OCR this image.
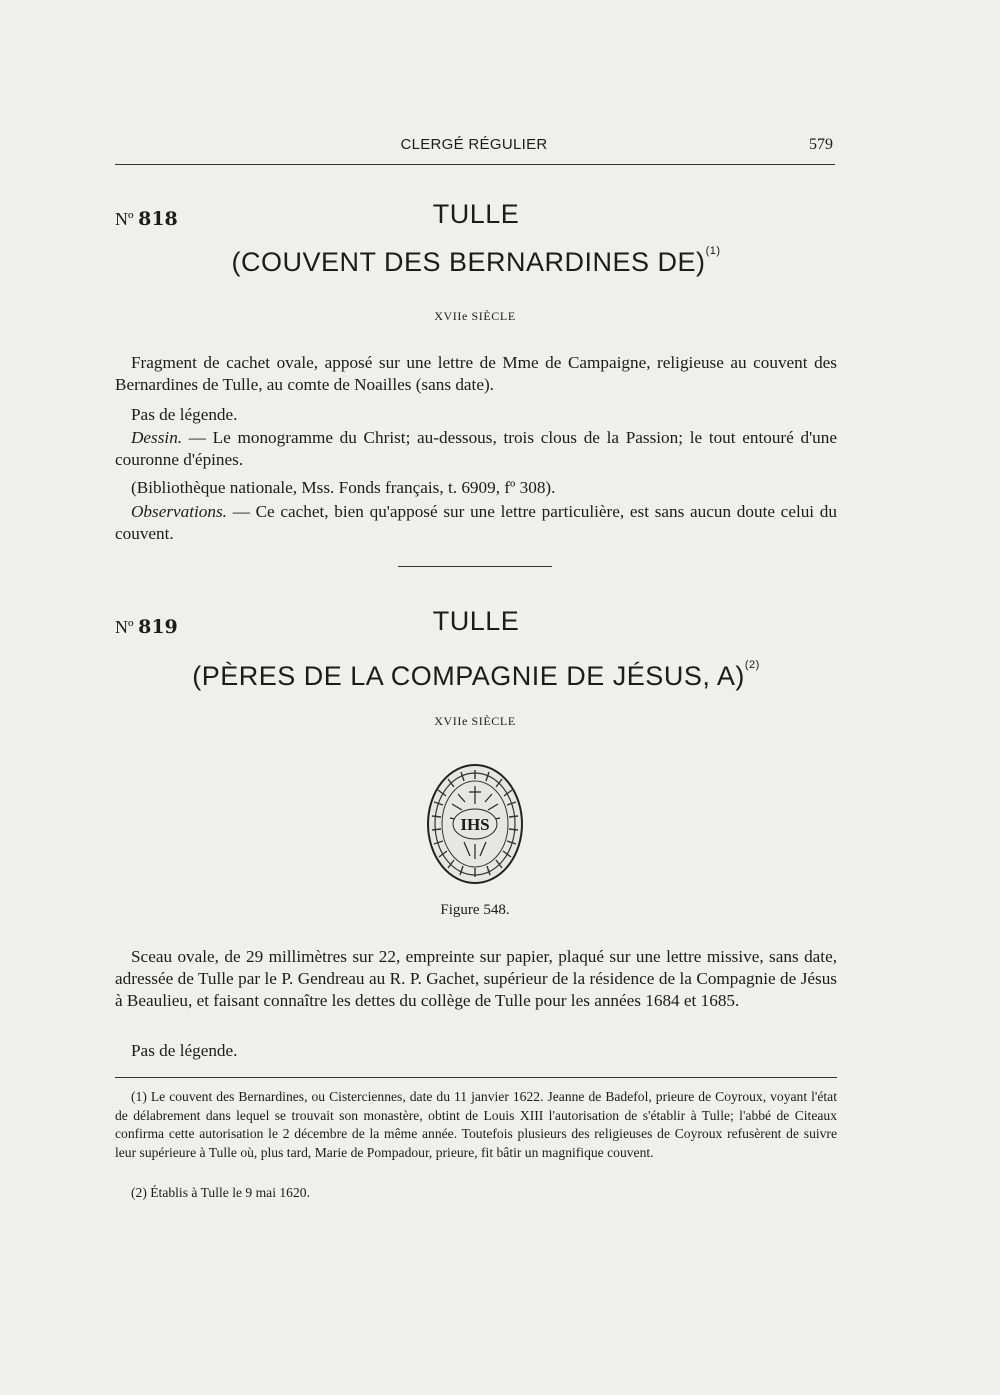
CLERGÉ RÉGULIER	579
Nº 818	TULLE
(COUVENT DES BERNARDINES DE)$^{(1)}$
XVIIe SIÈCLE
Fragment de cachet ovale, apposé sur une lettre de Mme de Campaigne, religieuse au couvent des Bernardines de Tulle, au comte de Noailles (sans date).
Pas de légende.
Dessin. — Le monogramme du Christ; au-dessous, trois clous de la Passion; le tout entouré d'une couronne d'épines.
(Bibliothèque nationale, Mss. Fonds français, t. 6909, fº 308).
Observations. — Ce cachet, bien qu'apposé sur une lettre particulière, est sans aucun doute celui du couvent.
Nº 819	TULLE
(PÈRES DE LA COMPAGNIE DE JÉSUS, A)$^{(2)}$
XVIIe SIÈCLE
IHS
Figure 548.
Sceau ovale, de 29 millimètres sur 22, empreinte sur papier, plaqué sur une lettre missive, sans date, adressée de Tulle par le P. Gendreau au R. P. Gachet, supérieur de la résidence de la Compagnie de Jésus à Beaulieu, et faisant connaître les dettes du collège de Tulle pour les années 1684 et 1685.
Pas de légende.
(1) Le couvent des Bernardines, ou Cisterciennes, date du 11 janvier 1622. Jeanne de Badefol, prieure de Coyroux, voyant l'état de délabrement dans lequel se trouvait son monastère, obtint de Louis XIII l'autorisation de s'établir à Tulle; l'abbé de Citeaux confirma cette autorisation le 2 décembre de la même année. Toutefois plusieurs des religieuses de Coyroux refusèrent de suivre leur supérieure à Tulle où, plus tard, Marie de Pompadour, prieure, fit bâtir un magnifique couvent.
(2) Établis à Tulle le 9 mai 1620.
